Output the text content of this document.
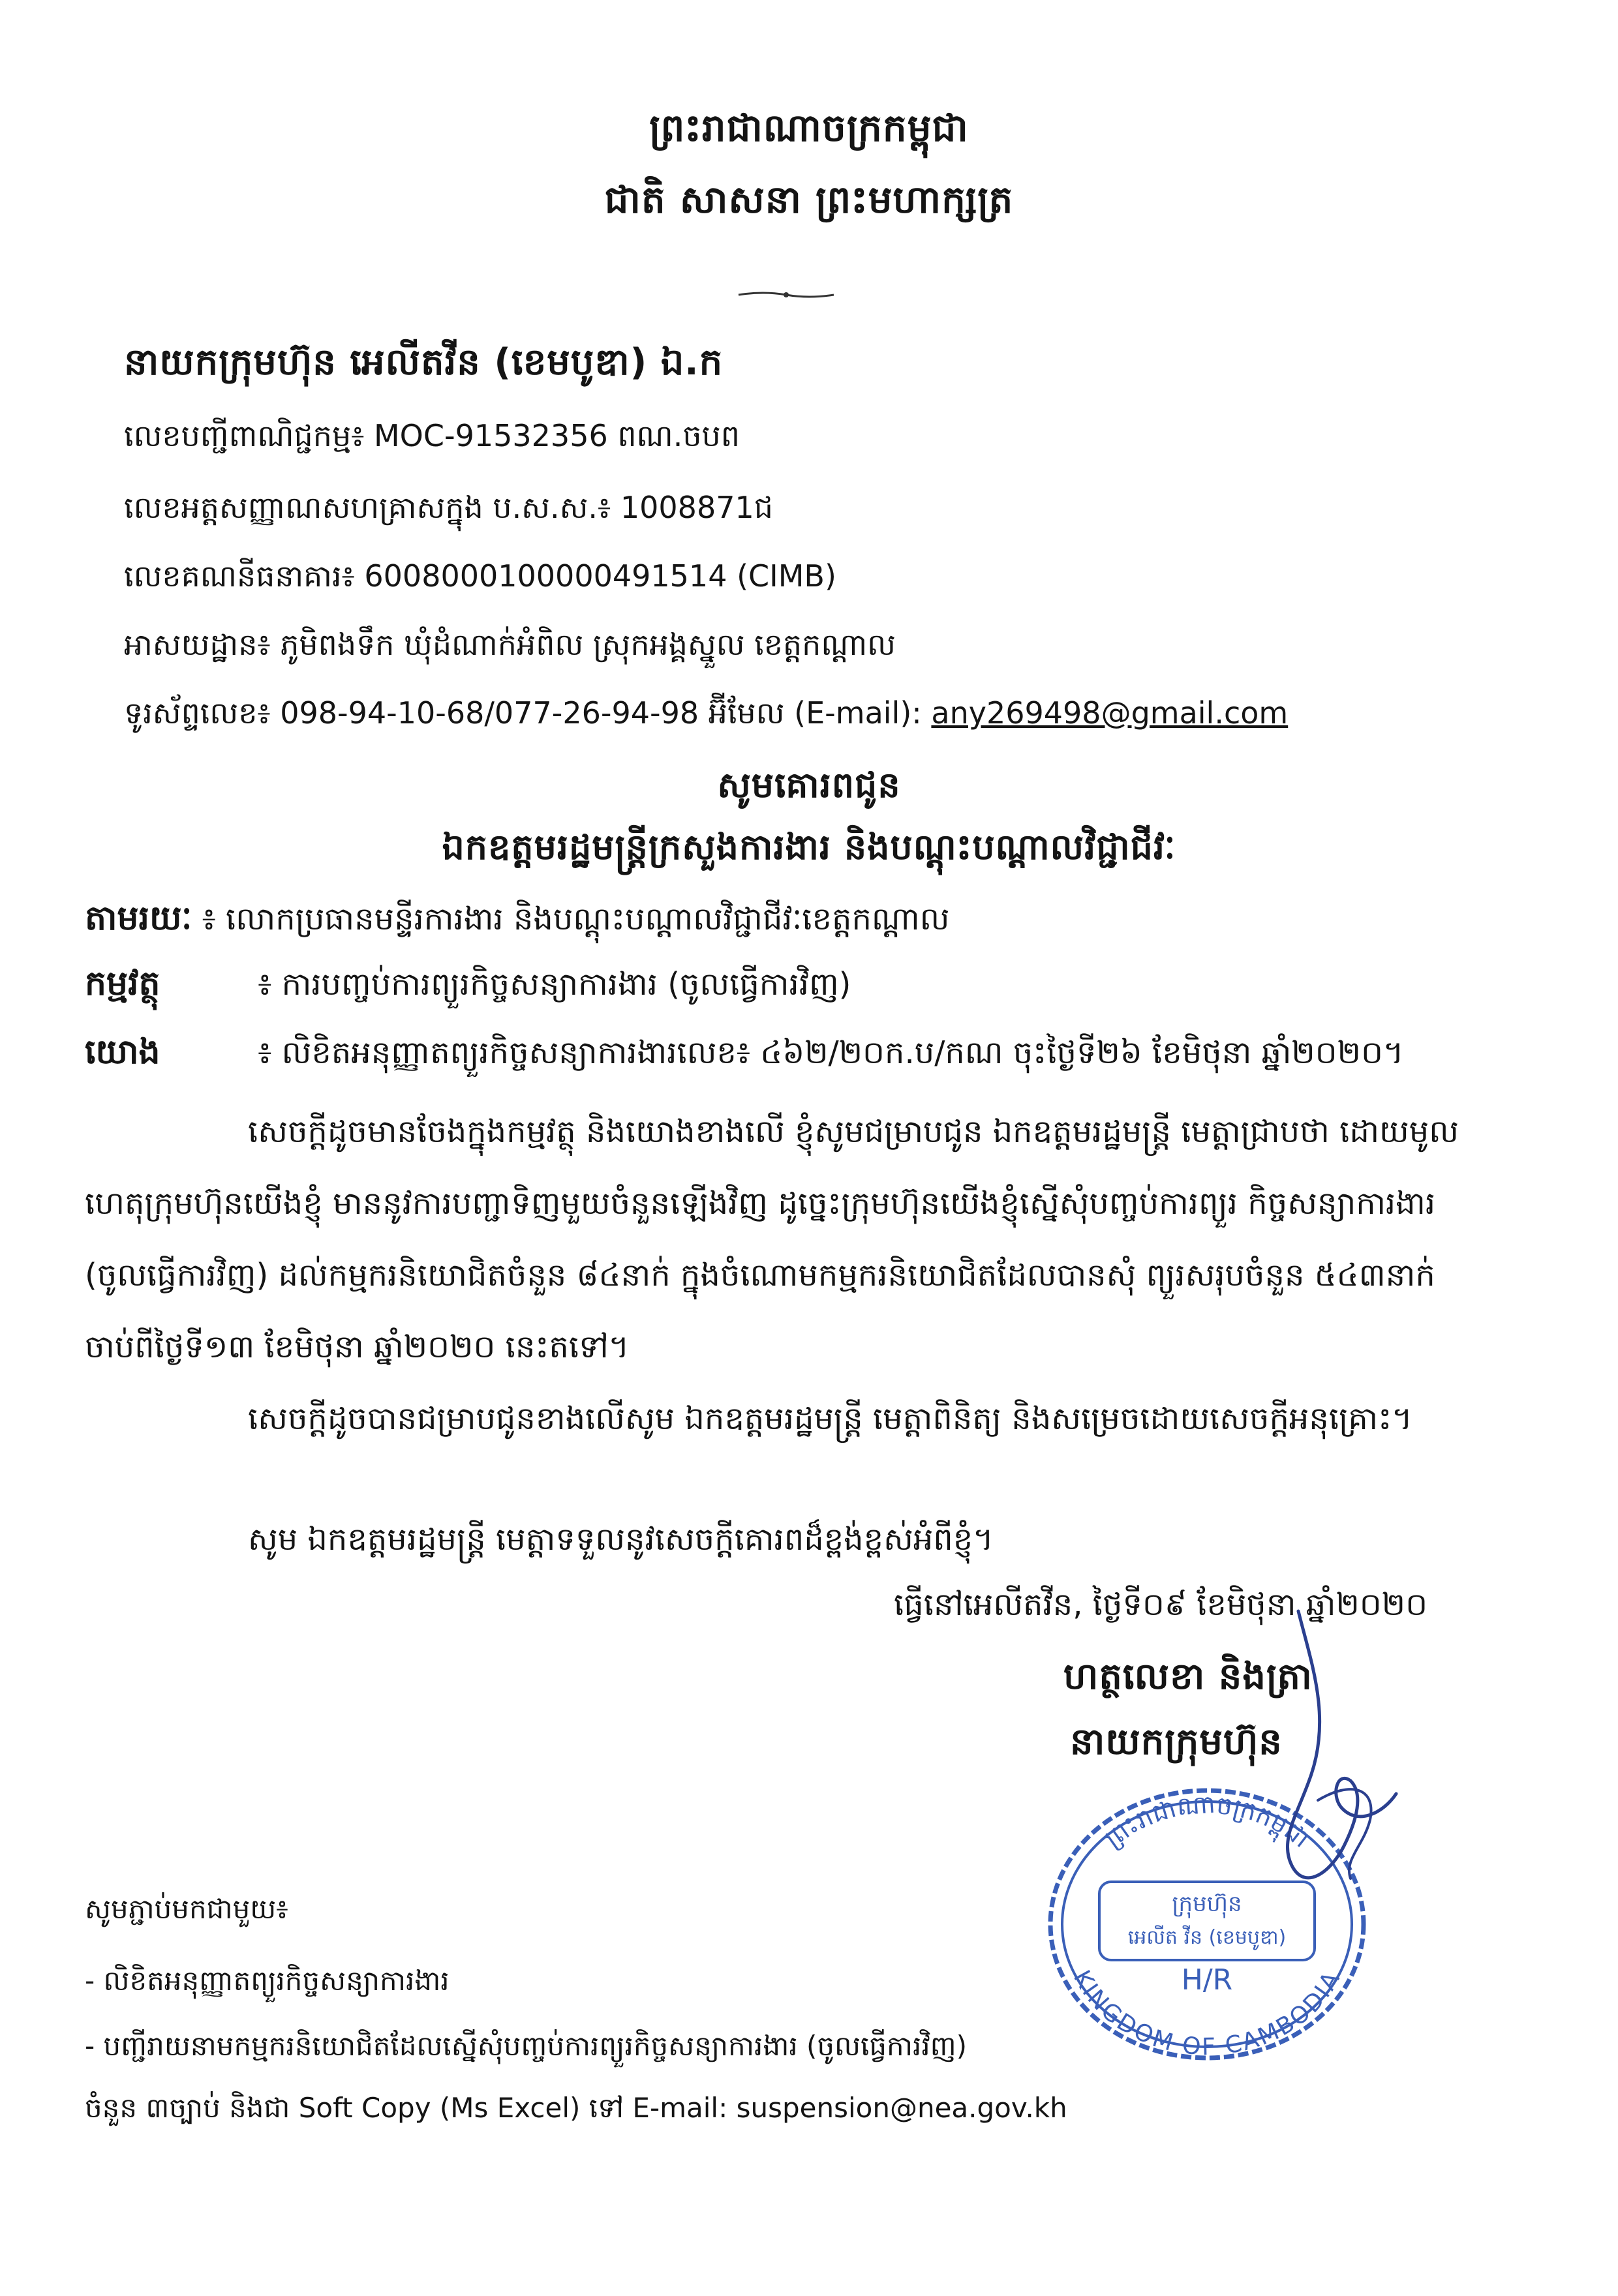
ព្រះរាជាណាចក្រកម្ពុជា
ជាតិ សាសនា ព្រះមហាក្សត្រ
នាយកក្រុមហ៊ុន អេលីតវីន (ខេមបូឌា) ឯ.ក
លេខបញ្ជីពាណិជ្ជកម្ម៖ MOC-91532356 ពណ.ចបព
លេខអត្តសញ្ញាណសហគ្រាសក្នុង ប.ស.ស.៖ 1008871ជ
លេខគណនីធនាគារ៖ 6008000100000491514 (CIMB)
អាសយដ្ឋាន៖ ភូមិពងទឹក ឃុំដំណាក់អំពិល ស្រុកអង្គស្នួល ខេត្តកណ្តាល
ទូរស័ព្ទលេខ៖ 098-94-10-68/077-26-94-98 អ៊ីមែល (E-mail): any269498@gmail.com
សូមគោរពជូន
ឯកឧត្តមរដ្ឋមន្ត្រីក្រសួងការងារ និងបណ្តុះបណ្តាលវិជ្ជាជីវៈ
តាមរយៈ ៖ លោកប្រធានមន្ទីរការងារ និងបណ្តុះបណ្តាលវិជ្ជាជីវៈខេត្តកណ្តាល
កម្មវត្ថុ	៖ ការបញ្ចប់ការព្យួរកិច្ចសន្យាការងារ (ចូលធ្វើការវិញ)
យោង	៖ លិខិតអនុញ្ញាតព្យួរកិច្ចសន្យាការងារលេខ៖ ៤៦២/២០ក.ប/កណ ចុះថ្ងៃទី២៦ ខែមិថុនា ឆ្នាំ២០២០។
សេចក្តីដូចមានចែងក្នុងកម្មវត្ថុ និងយោងខាងលើ ខ្ញុំសូមជម្រាបជូន ឯកឧត្តមរដ្ឋមន្ត្រី មេត្តាជ្រាបថា ដោយមូលហេតុក្រុមហ៊ុនយើងខ្ញុំ មាននូវការបញ្ជាទិញមួយចំនួនឡើងវិញ ដូច្នេះក្រុមហ៊ុនយើងខ្ញុំស្នើសុំបញ្ចប់ការព្យួរ កិច្ចសន្យាការងារ (ចូលធ្វើការវិញ) ដល់កម្មករនិយោជិតចំនួន ៨៤នាក់ ក្នុងចំណោមកម្មករនិយោជិតដែលបានសុំ ព្យួរសរុបចំនួន ៥៤៣នាក់ ចាប់ពីថ្ងៃទី១៣ ខែមិថុនា ឆ្នាំ២០២០ នេះតទៅ។
សេចក្តីដូចបានជម្រាបជូនខាងលើសូម ឯកឧត្តមរដ្ឋមន្ត្រី មេត្តាពិនិត្យ និងសម្រេចដោយសេចក្តីអនុគ្រោះ។
សូម ឯកឧត្តមរដ្ឋមន្ត្រី មេត្តាទទួលនូវសេចក្តីគោរពដ៏ខ្ពង់ខ្ពស់អំពីខ្ញុំ។
ធ្វើនៅអេលីតវីន, ថ្ងៃទី០៩ ខែមិថុនា ឆ្នាំ២០២០
ហត្ថលេខា និងត្រា
នាយកក្រុមហ៊ុន
ព្រះរាជាណាចក្រកម្ពុជា
KINGDOM OF CAMBODIA
ក្រុមហ៊ុន
អេលីត វីន (ខេមបូឌា)
H/R
សូមភ្ជាប់មកជាមួយ៖
- លិខិតអនុញ្ញាតព្យួរកិច្ចសន្យាការងារ
- បញ្ជីរាយនាមកម្មករនិយោជិតដែលស្នើសុំបញ្ចប់ការព្យួរកិច្ចសន្យាការងារ (ចូលធ្វើការវិញ)
ចំនួន ៣ច្បាប់ និងជា Soft Copy (Ms Excel) ទៅ E-mail: suspension@nea.gov.kh
